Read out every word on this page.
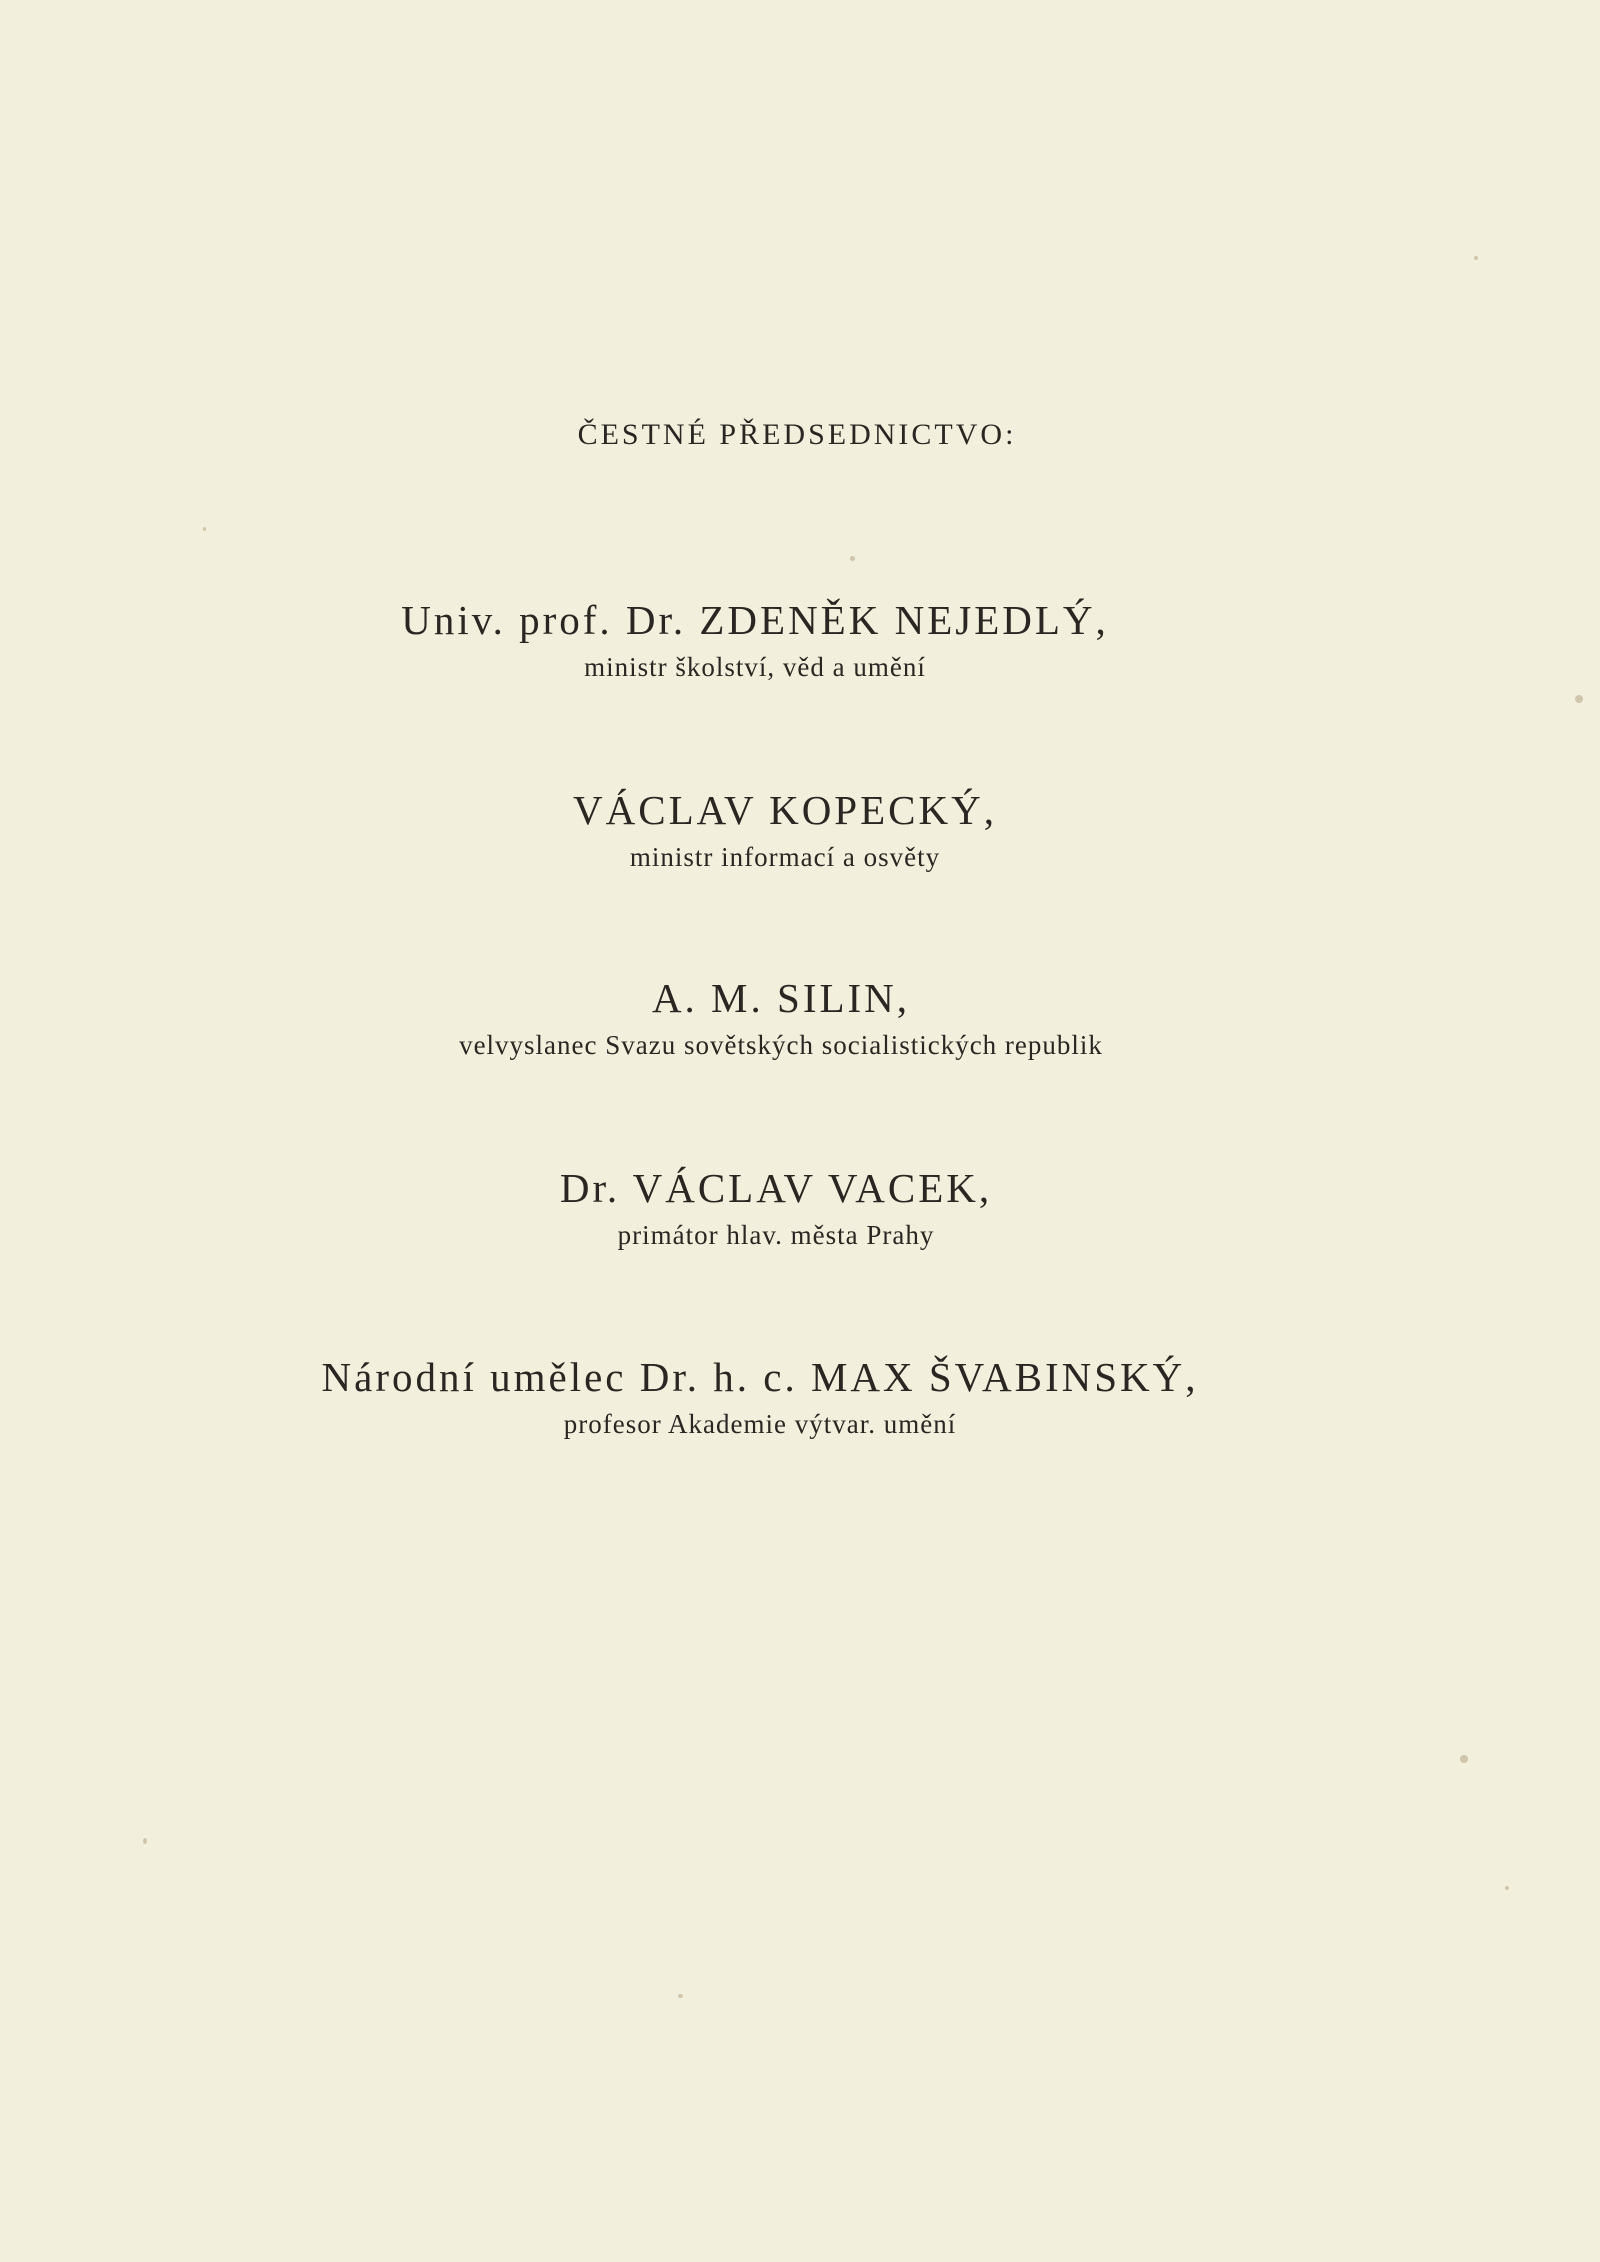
ČESTNÉ PŘEDSEDNICTVO:
Univ. prof. Dr. ZDENĚK NEJEDLÝ,
ministr školství, věd a umění
VÁCLAV KOPECKÝ,
ministr informací a osvěty
A. M. SILIN,
velvyslanec Svazu sovětských socialistických republik
Dr. VÁCLAV VACEK,
primátor hlav. města Prahy
Národní umělec Dr. h. c. MAX ŠVABINSKÝ,
profesor Akademie výtvar. umění
